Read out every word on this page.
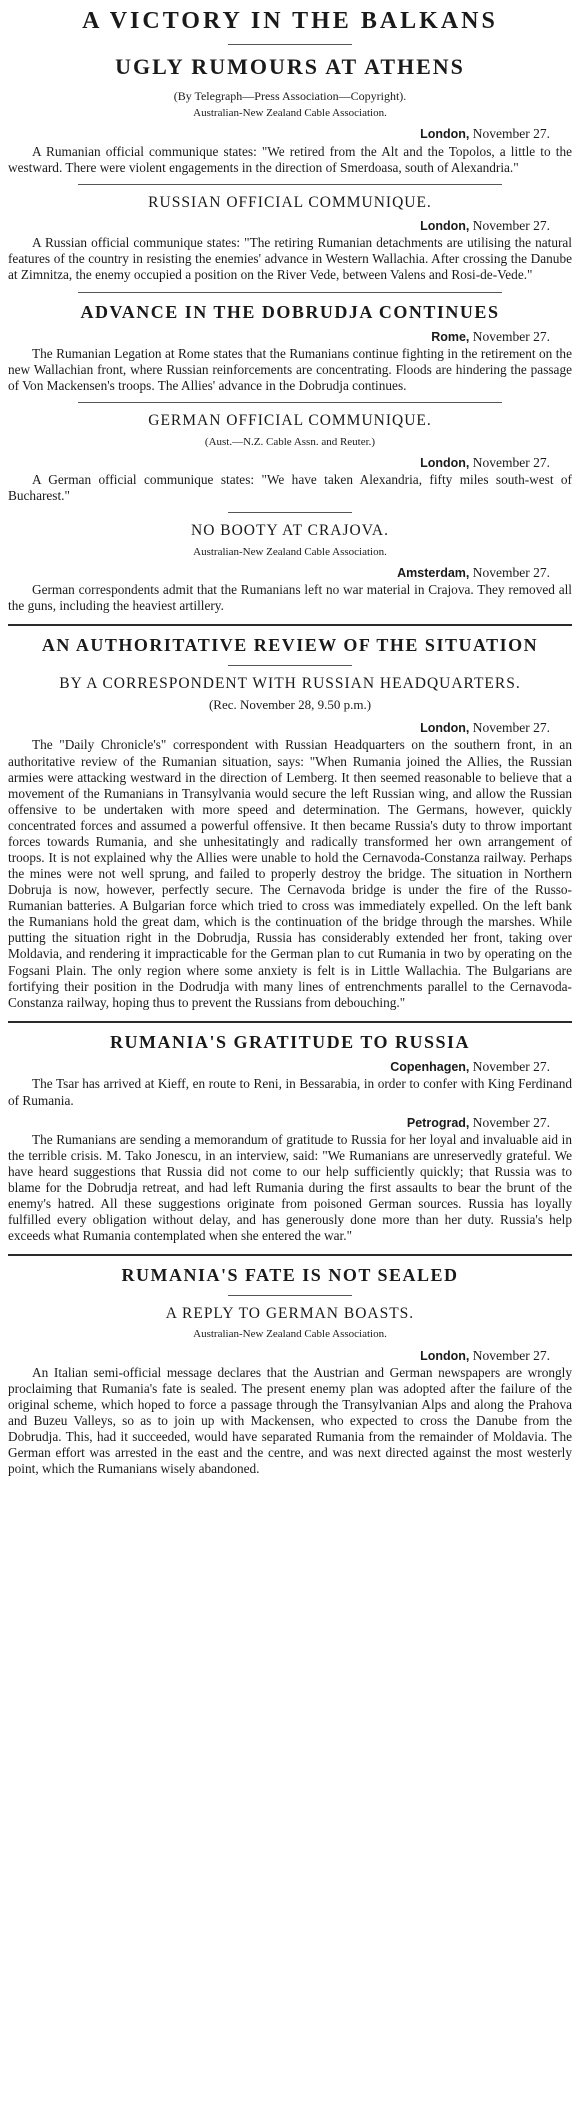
A VICTORY IN THE BALKANS
UGLY RUMOURS AT ATHENS
(By Telegraph—Press Association—Copyright).
Australian-New Zealand Cable Association.
London, November 27.
A Rumanian official communique states: "We retired from the Alt and the Topolos, a little to the westward. There were violent engagements in the direction of Smerdoasa, south of Alexandria."
RUSSIAN OFFICIAL COMMUNIQUE.
London, November 27.
A Russian official communique states: "The retiring Rumanian detachments are utilising the natural features of the country in resisting the enemies' advance in Western Wallachia. After crossing the Danube at Zimnitza, the enemy occupied a position on the River Vede, between Valens and Rosi-de-Vede."
ADVANCE IN THE DOBRUDJA CONTINUES
Rome, November 27.
The Rumanian Legation at Rome states that the Rumanians continue fighting in the retirement on the new Wallachian front, where Russian reinforcements are concentrating. Floods are hindering the passage of Von Mackensen's troops. The Allies' advance in the Dobrudja continues.
GERMAN OFFICIAL COMMUNIQUE.
(Aust.—N.Z. Cable Assn. and Reuter.)
London, November 27.
A German official communique states: "We have taken Alexandria, fifty miles south-west of Bucharest."
NO BOOTY AT CRAJOVA.
Australian-New Zealand Cable Association.
Amsterdam, November 27.
German correspondents admit that the Rumanians left no war material in Crajova. They removed all the guns, including the heaviest artillery.
AN AUTHORITATIVE REVIEW OF THE SITUATION
BY A CORRESPONDENT WITH RUSSIAN HEADQUARTERS.
(Rec. November 28, 9.50 p.m.)
London, November 27.
The "Daily Chronicle's" correspondent with Russian Headquarters on the southern front, in an authoritative review of the Rumanian situation, says: "When Rumania joined the Allies, the Russian armies were attacking westward in the direction of Lemberg. It then seemed reasonable to believe that a movement of the Rumanians in Transylvania would secure the left Russian wing, and allow the Russian offensive to be undertaken with more speed and determination. The Germans, however, quickly concentrated forces and assumed a powerful offensive. It then became Russia's duty to throw important forces towards Rumania, and she unhesitatingly and radically transformed her own arrangement of troops. It is not explained why the Allies were unable to hold the Cernavoda-Constanza railway. Perhaps the mines were not well sprung, and failed to properly destroy the bridge. The situation in Northern Dobruja is now, however, perfectly secure. The Cernavoda bridge is under the fire of the Russo-Rumanian batteries. A Bulgarian force which tried to cross was immediately expelled. On the left bank the Rumanians hold the great dam, which is the continuation of the bridge through the marshes. While putting the situation right in the Dobrudja, Russia has considerably extended her front, taking over Moldavia, and rendering it impracticable for the German plan to cut Rumania in two by operating on the Fogsani Plain. The only region where some anxiety is felt is in Little Wallachia. The Bulgarians are fortifying their position in the Dodrudja with many lines of entrenchments parallel to the Cernavoda-Constanza railway, hoping thus to prevent the Russians from debouching."
RUMANIA'S GRATITUDE TO RUSSIA
Copenhagen, November 27.
The Tsar has arrived at Kieff, en route to Reni, in Bessarabia, in order to confer with King Ferdinand of Rumania.
Petrograd, November 27.
The Rumanians are sending a memorandum of gratitude to Russia for her loyal and invaluable aid in the terrible crisis. M. Tako Jonescu, in an interview, said: "We Rumanians are unreservedly grateful. We have heard suggestions that Russia did not come to our help sufficiently quickly; that Russia was to blame for the Dobrudja retreat, and had left Rumania during the first assaults to bear the brunt of the enemy's hatred. All these suggestions originate from poisoned German sources. Russia has loyally fulfilled every obligation without delay, and has generously done more than her duty. Russia's help exceeds what Rumania contemplated when she entered the war."
RUMANIA'S FATE IS NOT SEALED
A REPLY TO GERMAN BOASTS.
Australian-New Zealand Cable Association.
London, November 27.
An Italian semi-official message declares that the Austrian and German newspapers are wrongly proclaiming that Rumania's fate is sealed. The present enemy plan was adopted after the failure of the original scheme, which hoped to force a passage through the Transylvanian Alps and along the Prahova and Buzeu Valleys, so as to join up with Mackensen, who expected to cross the Danube from the Dobrudja. This, had it succeeded, would have separated Rumania from the remainder of Moldavia. The German effort was arrested in the east and the centre, and was next directed against the most westerly point, which the Rumanians wisely abandoned.
